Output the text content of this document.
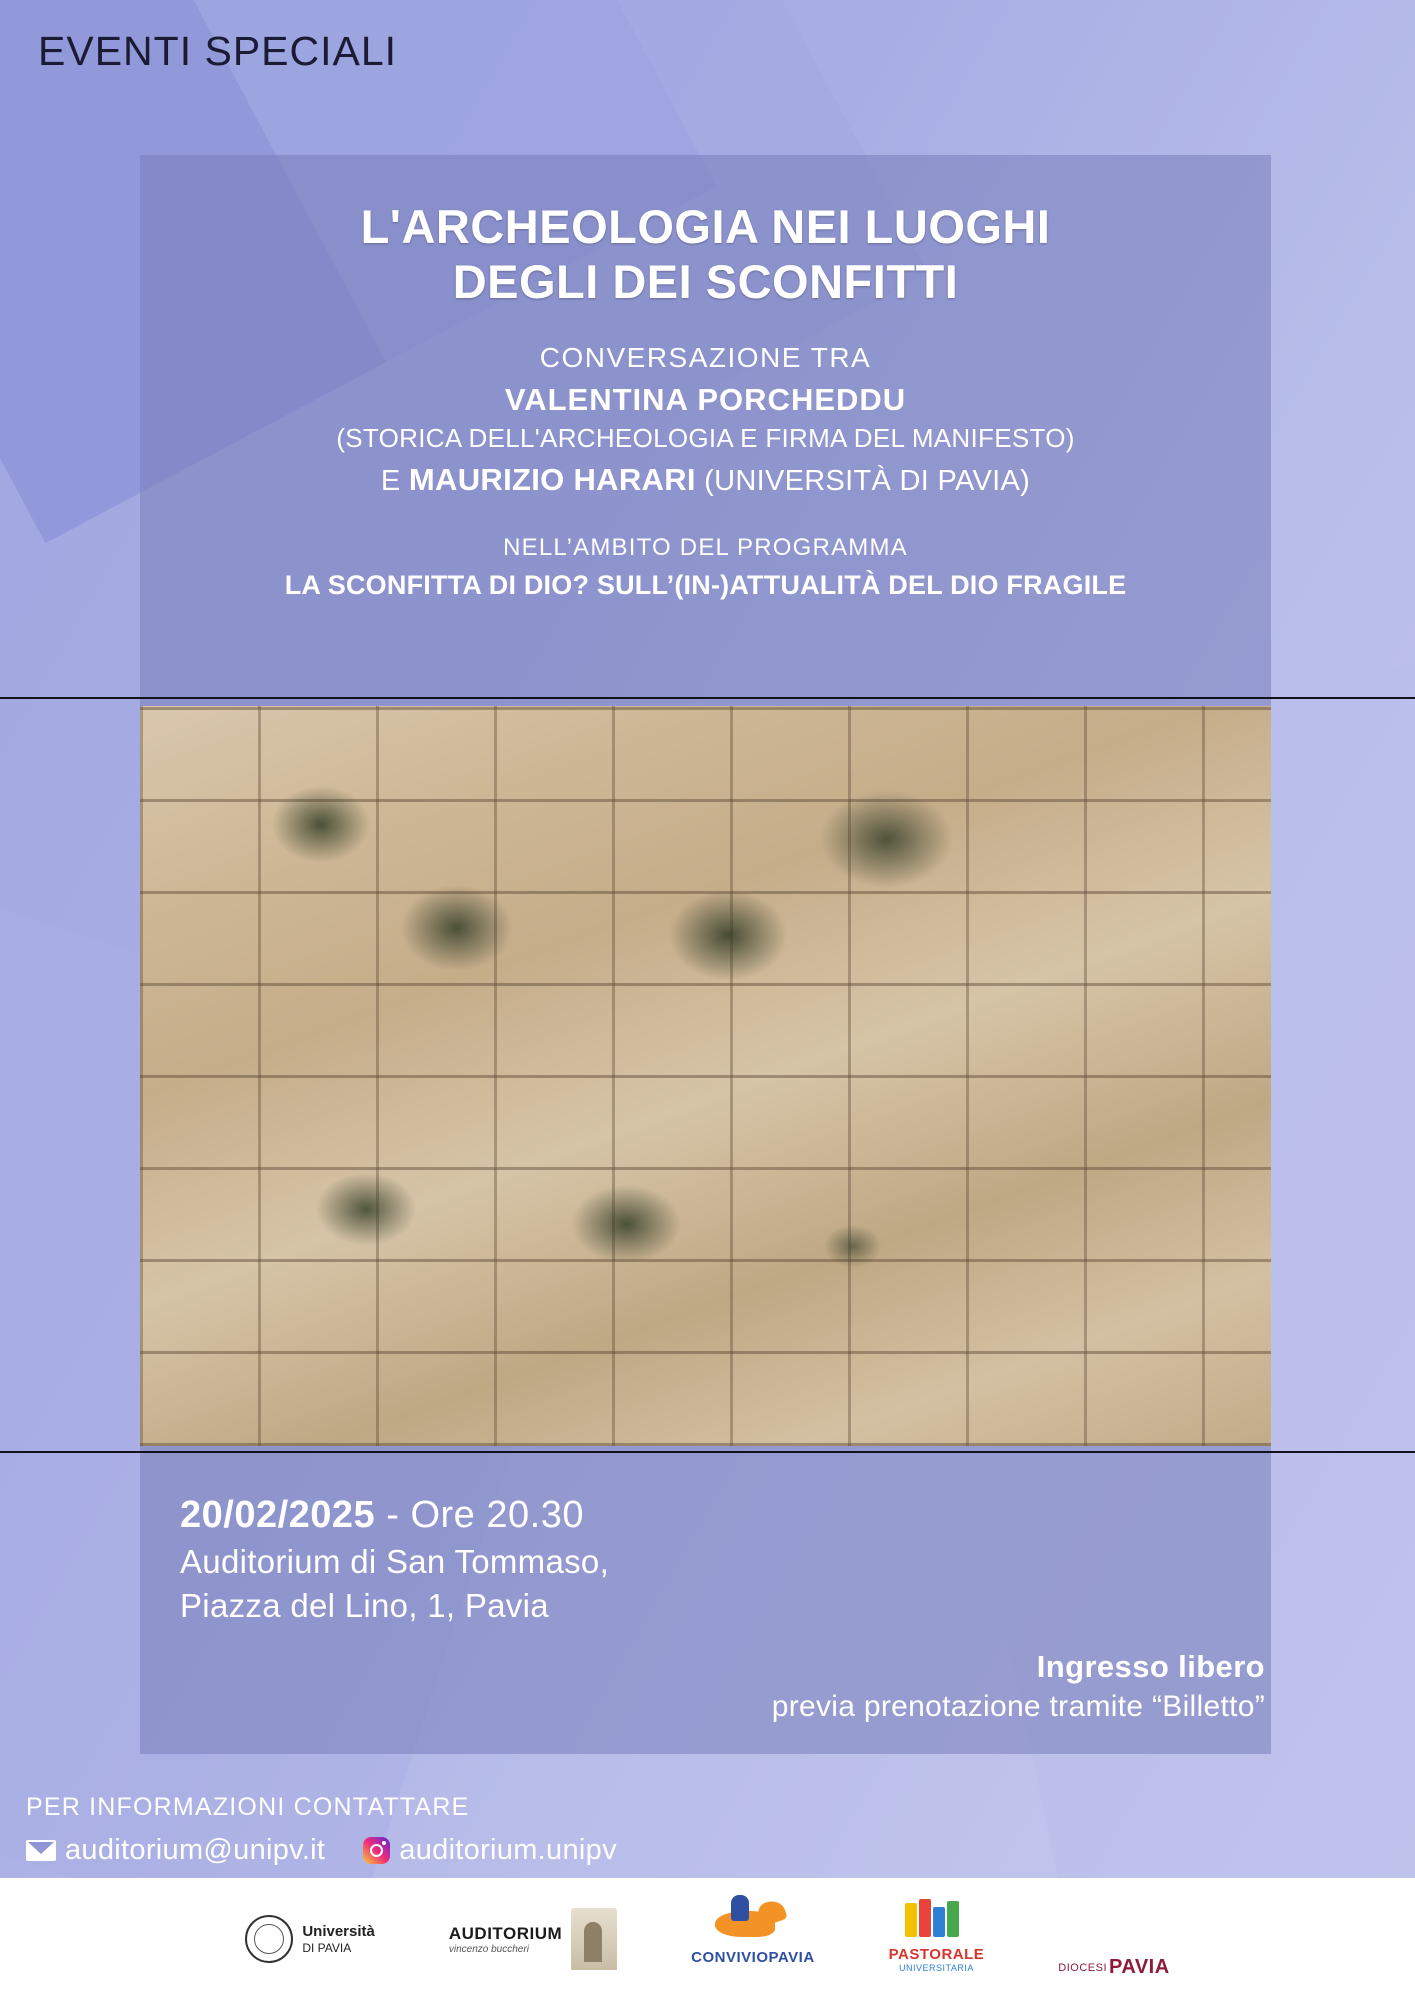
EVENTI SPECIALI
L'ARCHEOLOGIA NEI LUOGHI
DEGLI DEI SCONFITTI
CONVERSAZIONE TRA
VALENTINA PORCHEDDU
(STORICA DELL'ARCHEOLOGIA E FIRMA DEL MANIFESTO)
E MAURIZIO HARARI (UNIVERSITÀ DI PAVIA)
NELL’AMBITO DEL PROGRAMMA
LA SCONFITTA DI DIO? SULL’(IN-)ATTUALITÀ DEL DIO FRAGILE
20/02/2025 - Ore 20.30
Auditorium di San Tommaso,
Piazza del Lino, 1, Pavia
Ingresso libero
previa prenotazione tramite “Billetto”
PER INFORMAZIONI CONTATTARE
auditorium@unipv.it	auditorium.unipv
Università
DI PAVIA
AUDITORIUM
vincenzo buccheri	CONVIVIOPAVIA	PASTORALE
UNIVERSITARIA	DIOCESI PAVIA
